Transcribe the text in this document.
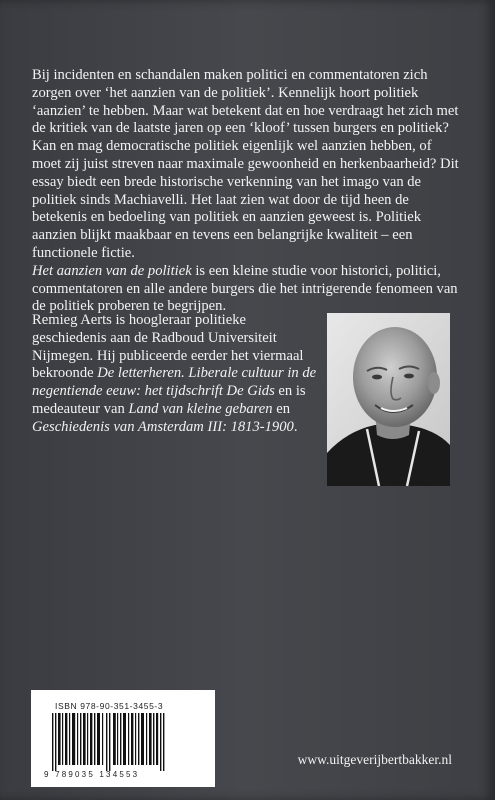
Bij incidenten en schandalen maken politici en commentatoren zich zorgen over ‘het aanzien van de politiek’. Kennelijk hoort politiek ‘aanzien’ te hebben. Maar wat betekent dat en hoe verdraagt het zich met de kritiek van de laatste jaren op een ‘kloof’ tussen burgers en politiek? Kan en mag democratische politiek eigenlijk wel aanzien hebben, of moet zij juist streven naar maximale gewoonheid en herkenbaarheid? Dit essay biedt een brede historische verkenning van het imago van de politiek sinds Machiavelli. Het laat zien wat door de tijd heen de betekenis en bedoeling van politiek en aanzien geweest is. Politiek aanzien blijkt maakbaar en tevens een belangrijke kwaliteit – een functionele fictie.

Het aanzien van de politiek is een kleine studie voor historici, politici, commentatoren en alle andere burgers die het intrigerende fenomeen van de politiek proberen te begrijpen.

Remieg Aerts is hoogleraar politieke geschiedenis aan de Radboud Universiteit Nijmegen. Hij publiceerde eerder het viermaal bekroonde De letterheren. Liberale cultuur in de negentiende eeuw: het tijdschrift De Gids en is medeauteur van Land van kleine gebaren en Geschiedenis van Amsterdam III: 1813-1900.

ISBN 978-90-351-3455-3
9 789035 134553
www.uitgeverijbertbakker.nl
